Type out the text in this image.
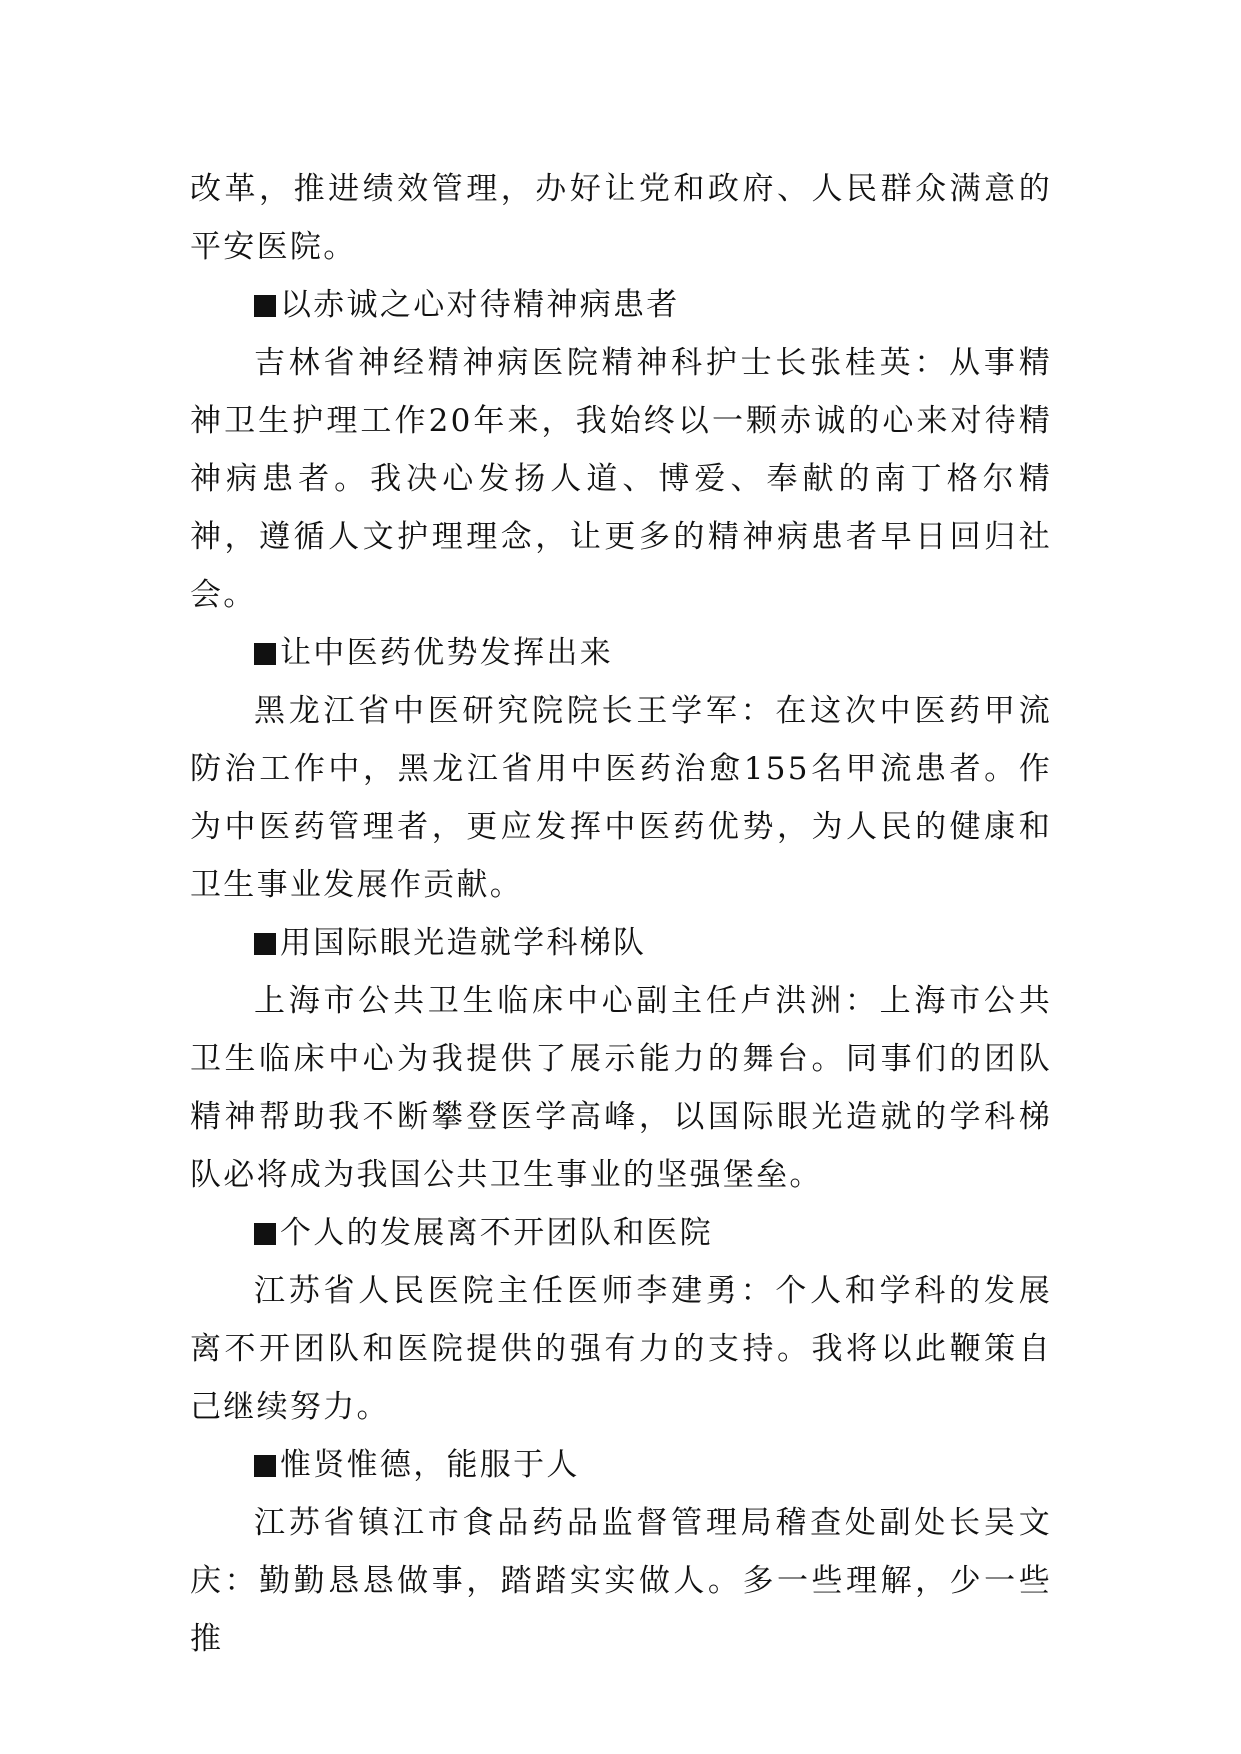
改革，推进绩效管理，办好让党和政府、人民群众满意的平安医院。

以赤诚之心对待精神病患者

吉林省神经精神病医院精神科护士长张桂英：从事精神卫生护理工作20年来，我始终以一颗赤诚的心来对待精神病患者。我决心发扬人道、博爱、奉献的南丁格尔精神，遵循人文护理理念，让更多的精神病患者早日回归社会。

让中医药优势发挥出来

黑龙江省中医研究院院长王学军：在这次中医药甲流防治工作中，黑龙江省用中医药治愈155名甲流患者。作为中医药管理者，更应发挥中医药优势，为人民的健康和卫生事业发展作贡献。

用国际眼光造就学科梯队

上海市公共卫生临床中心副主任卢洪洲：上海市公共卫生临床中心为我提供了展示能力的舞台。同事们的团队精神帮助我不断攀登医学高峰，以国际眼光造就的学科梯队必将成为我国公共卫生事业的坚强堡垒。

个人的发展离不开团队和医院

江苏省人民医院主任医师李建勇：个人和学科的发展离不开团队和医院提供的强有力的支持。我将以此鞭策自己继续努力。

惟贤惟德，能服于人

江苏省镇江市食品药品监督管理局稽查处副处长吴文庆：勤勤恳恳做事，踏踏实实做人。多一些理解，少一些推
